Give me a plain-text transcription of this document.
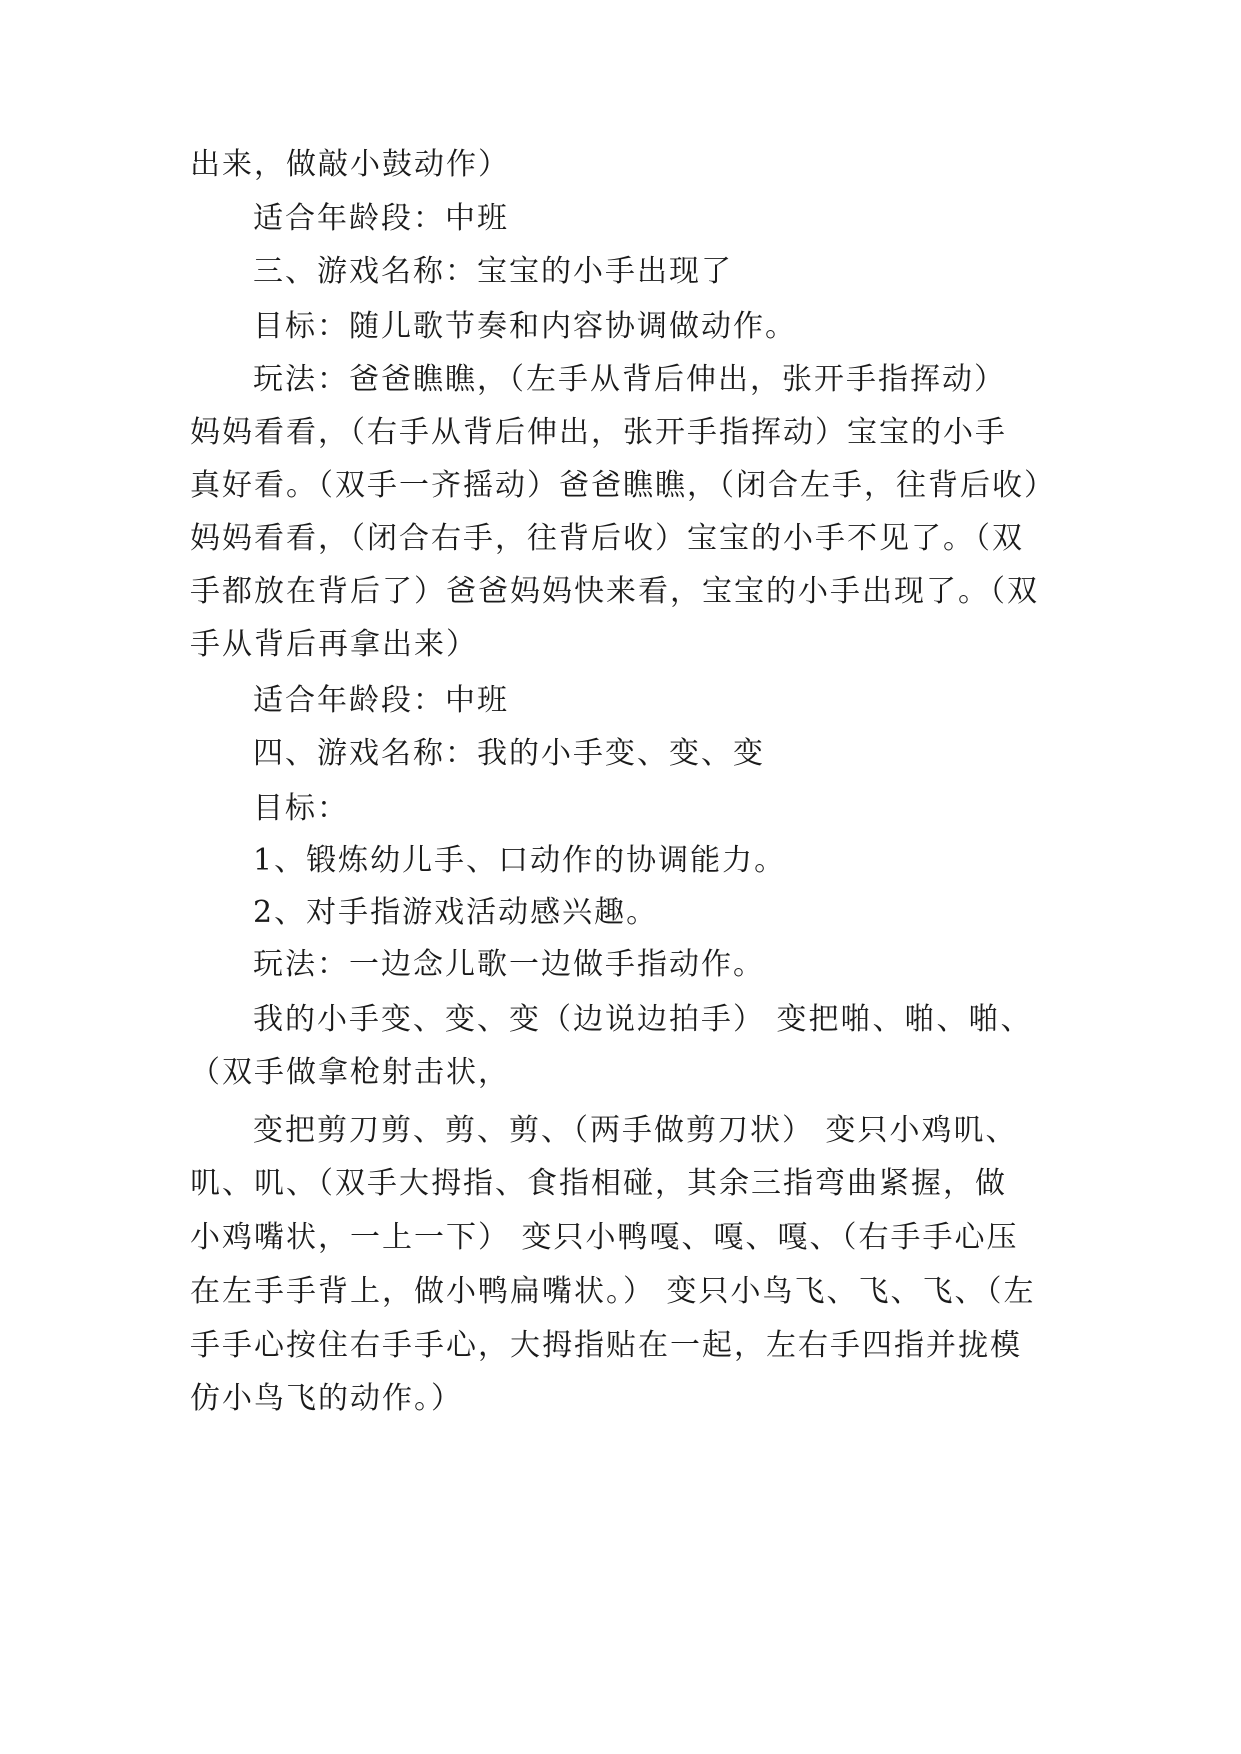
出来，做敲小鼓动作）
适合年龄段：中班
三、游戏名称：宝宝的小手出现了
目标：随儿歌节奏和内容协调做动作。
玩法：爸爸瞧瞧，（左手从背后伸出，张开手指挥动）
妈妈看看，（右手从背后伸出，张开手指挥动）宝宝的小手
真好看。（双手一齐摇动）爸爸瞧瞧，（闭合左手，往背后收）
妈妈看看，（闭合右手，往背后收）宝宝的小手不见了。（双
手都放在背后了）爸爸妈妈快来看，宝宝的小手出现了。（双
手从背后再拿出来）
适合年龄段：中班
四、游戏名称：我的小手变、变、变
目标：
1、锻炼幼儿手、口动作的协调能力。
2、对手指游戏活动感兴趣。
玩法：一边念儿歌一边做手指动作。
我的小手变、变、变（边说边拍手） 变把啪、啪、啪、
（双手做拿枪射击状，
变把剪刀剪、剪、剪、（两手做剪刀状） 变只小鸡叽、
叽、叽、（双手大拇指、食指相碰，其余三指弯曲紧握，做
小鸡嘴状，一上一下） 变只小鸭嘎、嘎、嘎、（右手手心压
在左手手背上，做小鸭扁嘴状。） 变只小鸟飞、飞、飞、（左
手手心按住右手手心，大拇指贴在一起，左右手四指并拢模
仿小鸟飞的动作。）
